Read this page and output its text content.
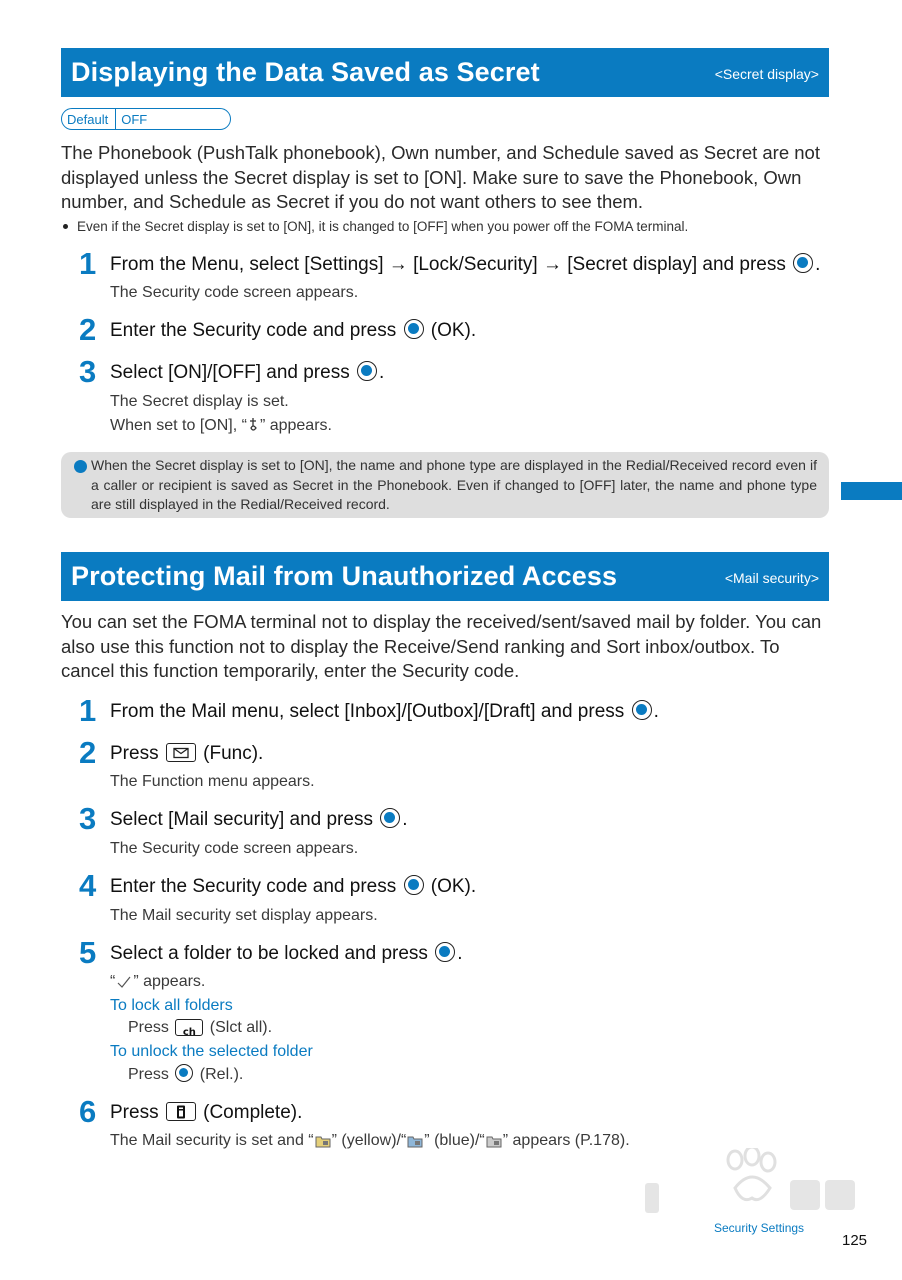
Displaying the Data Saved as Secret	<Secret display>
Default	OFF

The Phonebook (PushTalk phonebook), Own number, and Schedule saved as Secret are not displayed unless the Secret display is set to [ON]. Make sure to save the Phonebook, Own number, and Schedule as Secret if you do not want others to see them.

Even if the Secret display is set to [ON], it is changed to [OFF] when you power off the FOMA terminal.
1 From the Menu, select [Settings] → [Lock/Security] → [Secret display] and press .
The Security code screen appears.
2 Enter the Security code and press  (OK).
3 Select [ON]/[OFF] and press .
The Secret display is set.
When set to [ON], “ ” appears.
When the Secret display is set to [ON], the name and phone type are displayed in the Redial/Received record even if a caller or recipient is saved as Secret in the Phonebook. Even if changed to [OFF] later, the name and phone type are still displayed in the Redial/Received record.
Protecting Mail from Unauthorized Access	<Mail security>

You can set the FOMA terminal not to display the received/sent/saved mail by folder. You can also use this function not to display the Receive/Send ranking and Sort inbox/outbox. To cancel this function temporarily, enter the Security code.

1 From the Mail menu, select [Inbox]/[Outbox]/[Draft] and press .
2 Press
(Func).
The Function menu appears.
3 Select [Mail security] and press .
The Security code screen appears.
4 Enter the Security code and press  (OK).
The Mail security set display appears.
5 Select a folder to be locked and press .
“ ” appears.
To lock all folders
Press ch (Slct all).
To unlock the selected folder
Press  (Rel.).
6 Press
(Complete).
The Mail security is set and “ ” (yellow)/“ ” (blue)/“ ” appears (P.178).
Security Settings
125
